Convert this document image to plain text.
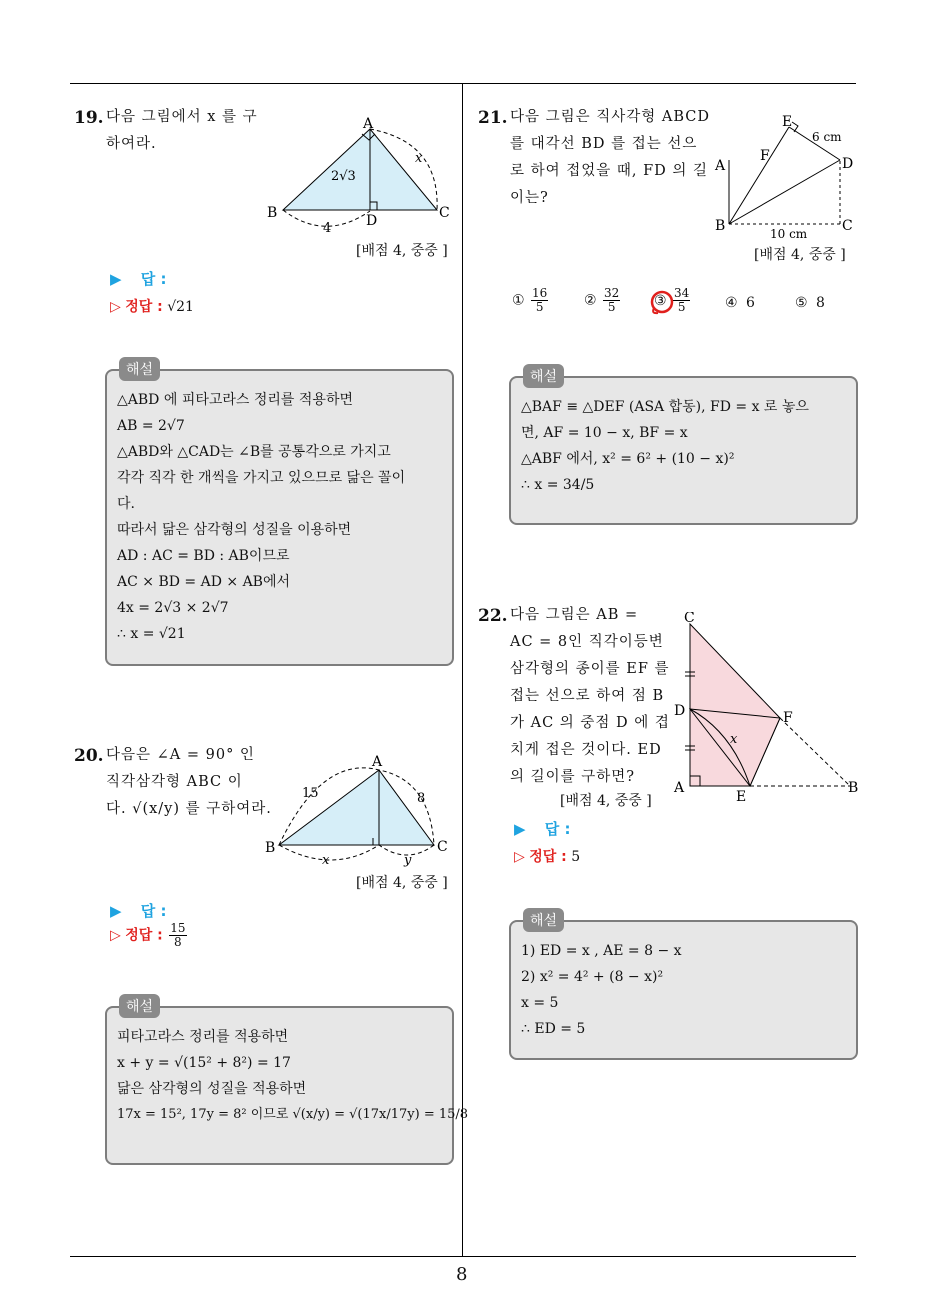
8
19. 다음 그림에서 x 를 구
하여라.
A
B	C
D
2√3
x
4
[배점 4, 중중 ]
▶ 답 :
▷ 정답 : √21
해설
△ABD 에 피타고라스 정리를 적용하면
AB = 2√7
△ABD와 △CAD는 ∠B를 공통각으로 가지고
각각 직각 한 개씩을 가지고 있으므로 닮은 꼴이
다.
따라서 닮은 삼각형의 성질을 이용하면
AD : AC = BD : AB이므로
AC × BD = AD × AB에서
4x = 2√3 × 2√7
∴ x = √21
20. 다음은 ∠A = 90° 인
직각삼각형 ABC 이
다. √(x/y) 를 구하여라.
A
B	C
15	8
x	y
[배점 4, 중중 ]
▶ 답 :
▷ 정답 : $\frac{15}{8}$
해설
피타고라스 정리를 적용하면
x + y = √(15² + 8²) = 17
닮은 삼각형의 성질을 적용하면
17x = 15², 17y = 8² 이므로 √(x/y) = √(17x/17y) = 15/8
21. 다음 그림은 직사각형 ABCD
를 대각선 BD 를 접는 선으
로 하여 접었을 때, FD 의 길
이는?
A
B	C
D
E
F
6 cm
10 cm
[배점 4, 중중 ]
① $\frac{16}{5}$	② $\frac{32}{5}$ ③ $\frac{34}{5}$ ④ 6	⑤ 8
해설
△BAF ≡ △DEF (ASA 합동), FD = x 로 놓으
면, AF = 10 − x, BF = x
△ABF 에서, x² = 6² + (10 − x)²
∴ x = 34/5
22. 다음 그림은 AB =
AC = 8인 직각이등변
삼각형의 종이를 EF 를
접는 선으로 하여 점 B
가 AC 의 중점 D 에 겹
치게 접은 것이다. ED
의 길이를 구하면?
C
D
A
E
F
B
x
[배점 4, 중중 ]
▶ 답 :
▷ 정답 : 5
해설
1) ED = x , AE = 8 − x
2) x² = 4² + (8 − x)²
x = 5
∴ ED = 5
